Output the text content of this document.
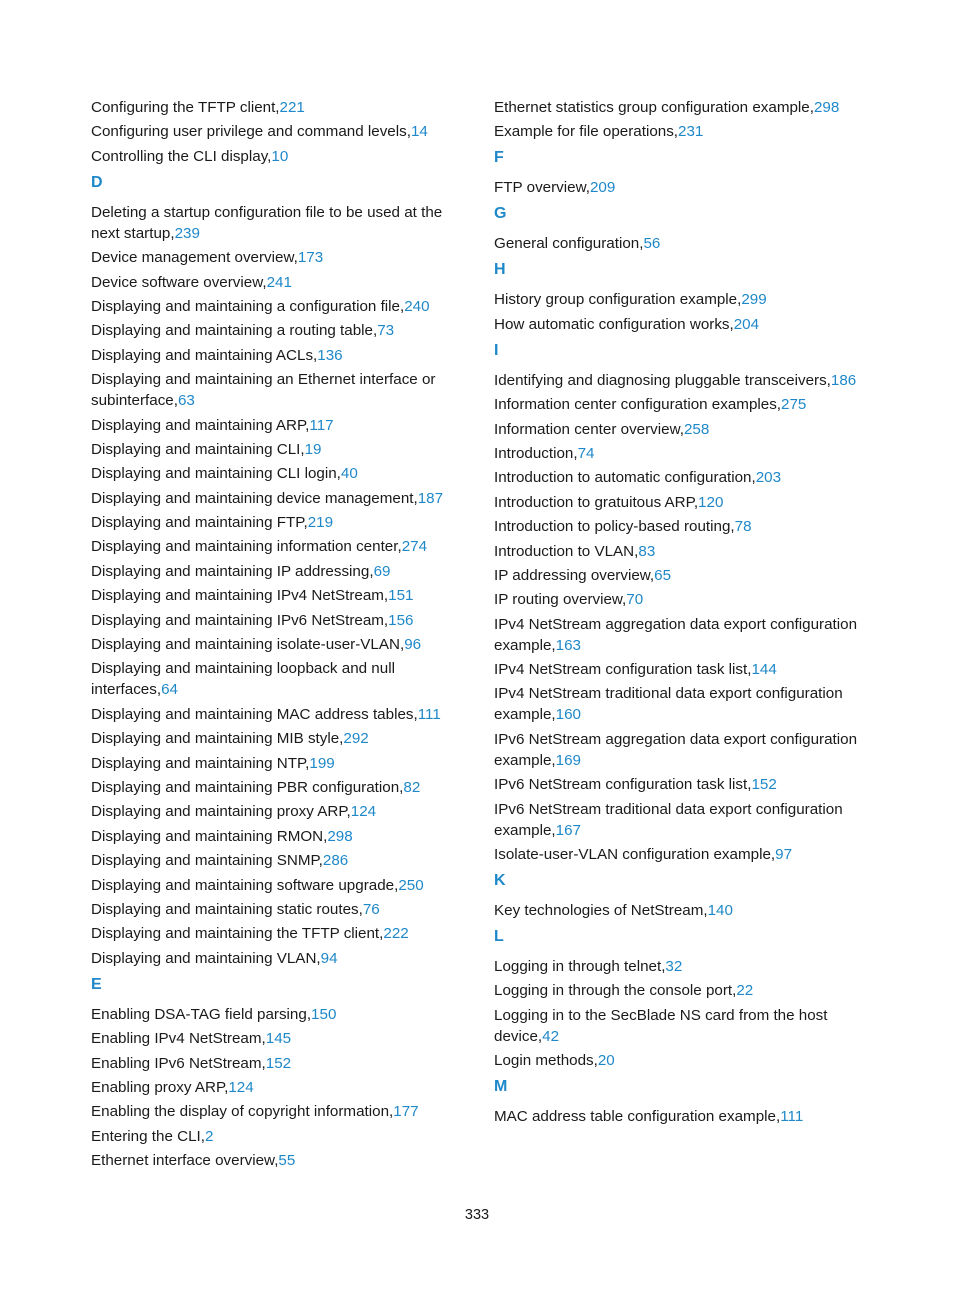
Configuring the TFTP client,221
Configuring user privilege and command levels,14
Controlling the CLI display,10
D
Deleting a startup configuration file to be used at the next startup,239
Device management overview,173
Device software overview,241
Displaying and maintaining a configuration file,240
Displaying and maintaining a routing table,73
Displaying and maintaining ACLs,136
Displaying and maintaining an Ethernet interface or subinterface,63
Displaying and maintaining ARP,117
Displaying and maintaining CLI,19
Displaying and maintaining CLI login,40
Displaying and maintaining device management,187
Displaying and maintaining FTP,219
Displaying and maintaining information center,274
Displaying and maintaining IP addressing,69
Displaying and maintaining IPv4 NetStream,151
Displaying and maintaining IPv6 NetStream,156
Displaying and maintaining isolate-user-VLAN,96
Displaying and maintaining loopback and null interfaces,64
Displaying and maintaining MAC address tables,111
Displaying and maintaining MIB style,292
Displaying and maintaining NTP,199
Displaying and maintaining PBR configuration,82
Displaying and maintaining proxy ARP,124
Displaying and maintaining RMON,298
Displaying and maintaining SNMP,286
Displaying and maintaining software upgrade,250
Displaying and maintaining static routes,76
Displaying and maintaining the TFTP client,222
Displaying and maintaining VLAN,94
E
Enabling DSA-TAG field parsing,150
Enabling IPv4 NetStream,145
Enabling IPv6 NetStream,152
Enabling proxy ARP,124
Enabling the display of copyright information,177
Entering the CLI,2
Ethernet interface overview,55
Ethernet statistics group configuration example,298
Example for file operations,231
F
FTP overview,209
G
General configuration,56
H
History group configuration example,299
How automatic configuration works,204
I
Identifying and diagnosing pluggable transceivers,186
Information center configuration examples,275
Information center overview,258
Introduction,74
Introduction to automatic configuration,203
Introduction to gratuitous ARP,120
Introduction to policy-based routing,78
Introduction to VLAN,83
IP addressing overview,65
IP routing overview,70
IPv4 NetStream aggregation data export configuration example,163
IPv4 NetStream configuration task list,144
IPv4 NetStream traditional data export configuration example,160
IPv6 NetStream aggregation data export configuration example,169
IPv6 NetStream configuration task list,152
IPv6 NetStream traditional data export configuration example,167
Isolate-user-VLAN configuration example,97
K
Key technologies of NetStream,140
L
Logging in through telnet,32
Logging in through the console port,22
Logging in to the SecBlade NS card from the host device,42
Login methods,20
M
MAC address table configuration example,111
333
